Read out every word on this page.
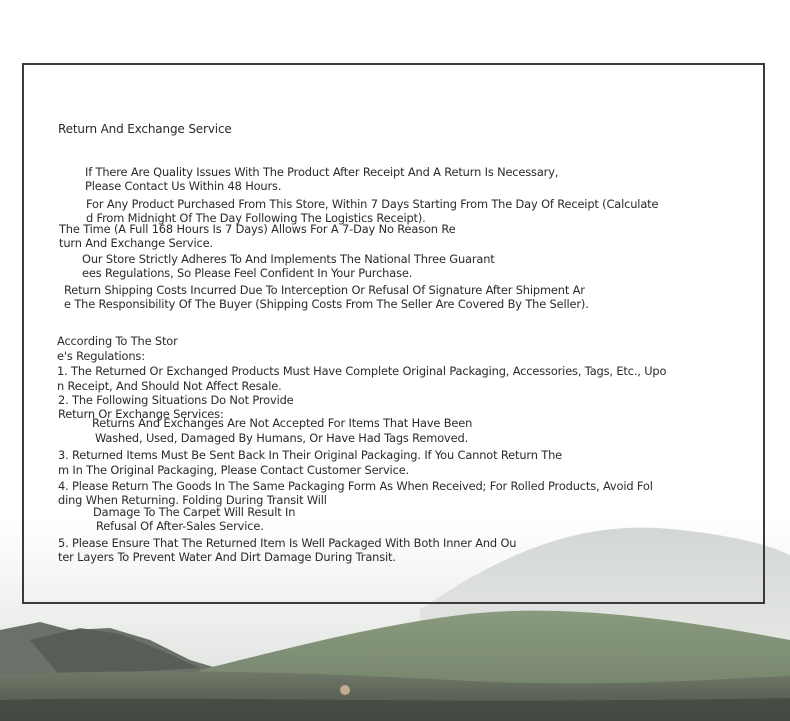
Return And Exchange Service
If There Are Quality Issues With The Product After Receipt And A Return Is Necessary,
Please Contact Us Within 48 Hours.
For Any Product Purchased From This Store, Within 7 Days Starting From The Day Of Receipt (Calculate
d From Midnight Of The Day Following The Logistics Receipt).
The Time (A Full 168 Hours Is 7 Days) Allows For A 7-Day No Reason Re
turn And Exchange Service.
Our Store Strictly Adheres To And Implements The National Three Guarant
ees Regulations, So Please Feel Confident In Your Purchase.
Return Shipping Costs Incurred Due To Interception Or Refusal Of Signature After Shipment Ar
e The Responsibility Of The Buyer (Shipping Costs From The Seller Are Covered By The Seller).
According To The Stor
e's Regulations:
1. The Returned Or Exchanged Products Must Have Complete Original Packaging, Accessories, Tags, Etc., Upo
n Receipt, And Should Not Affect Resale.
2. The Following Situations Do Not Provide
Return Or Exchange Services:
Returns And Exchanges Are Not Accepted For Items That Have Been
Washed, Used, Damaged By Humans, Or Have Had Tags Removed.
3. Returned Items Must Be Sent Back In Their Original Packaging. If You Cannot Return The
m In The Original Packaging, Please Contact Customer Service.
4. Please Return The Goods In The Same Packaging Form As When Received; For Rolled Products, Avoid Fol
ding When Returning. Folding During Transit Will
Damage To The Carpet Will Result In
Refusal Of After-Sales Service.
5. Please Ensure That The Returned Item Is Well Packaged With Both Inner And Ou
ter Layers To Prevent Water And Dirt Damage During Transit.
